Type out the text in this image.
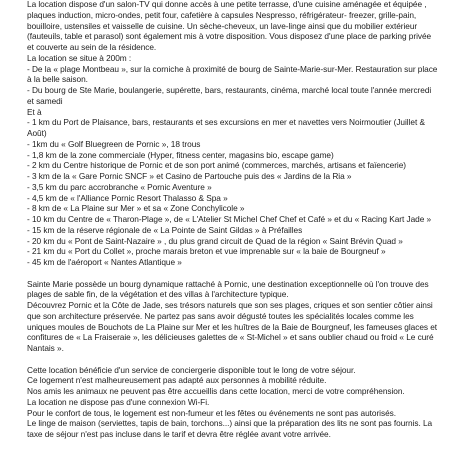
La location dispose d'un salon-TV qui donne accès à une petite terrasse, d'une cuisine aménagée et équipée ,
plaques induction, micro-ondes, petit four, cafetière à capsules Nespresso, réfrigérateur- freezer, grille-pain,
bouilloire, ustensiles et vaisselle de cuisine. Un sèche-cheveux, un lave-linge ainsi que du mobilier extérieur
(fauteuils, table et parasol) sont également mis à votre disposition. Vous disposez d'une place de parking privée
et couverte au sein de la résidence.
La location se situe à 200m :
- De la « plage Montbeau », sur la corniche à proximité de bourg de Sainte-Marie-sur-Mer. Restauration sur place
à la belle saison.
- Du bourg de Ste Marie, boulangerie, supérette, bars, restaurants, cinéma, marché local toute l'année mercredi
et samedi
Et à
- 1 km du Port de Plaisance, bars, restaurants et ses excursions en mer et navettes vers Noirmoutier (Juillet &
Août)
- 1km du « Golf Bluegreen de Pornic », 18 trous
- 1,8 km de la zone commerciale (Hyper, fitness center, magasins bio, escape game)
- 2 km du Centre historique de Pornic et de son port animé (commerces, marchés, artisans et faïencerie)
- 3 km de la « Gare Pornic SNCF » et Casino de Partouche puis des « Jardins de la Ria »
- 3,5 km du parc accrobranche « Pornic Aventure »
- 4,5 km de « l'Alliance Pornic Resort Thalasso & Spa »
- 8 km de « La Plaine sur Mer » et sa « Zone Conchylicole »
- 10 km du Centre de « Tharon-Plage », de « L'Atelier St Michel Chef Chef et Café » et du « Racing Kart Jade »
- 15 km de la réserve régionale de « La Pointe de Saint Gildas » à Préfailles
- 20 km du « Pont de Saint-Nazaire » , du plus grand circuit de Quad de la région « Saint Brévin Quad »
- 21 km du « Port du Collet », proche marais breton et vue imprenable sur « la baie de Bourgneuf »
- 45 km de l'aéroport « Nantes Atlantique »
Sainte Marie possède un bourg dynamique rattaché à Pornic, une destination exceptionnelle où l'on trouve des
plages de sable fin, de la végétation et des villas à l'architecture typique.
Découvrez Pornic et la Côte de Jade, ses trésors naturels que son ses plages, criques et son sentier côtier ainsi
que son architecture préservée. Ne partez pas sans avoir dégusté toutes les spécialités locales comme les
uniques moules de Bouchots de La Plaine sur Mer et les huîtres de la Baie de Bourgneuf, les fameuses glaces et
confitures de « La Fraiseraie », les délicieuses galettes de « St-Michel » et sans oublier chaud ou froid « Le curé
Nantais ».
Cette location bénéficie d'un service de conciergerie disponible tout le long de votre séjour.
Ce logement n'est malheureusement pas adapté aux personnes à mobilité réduite.
Nos amis les animaux ne peuvent pas être accueillis dans cette location, merci de votre compréhension.
La location ne dispose pas d'une connexion Wi-Fi.
Pour le confort de tous, le logement est non-fumeur et les fêtes ou événements ne sont pas autorisés.
Le linge de maison (serviettes, tapis de bain, torchons...) ainsi que la préparation des lits ne sont pas fournis. La
taxe de séjour n'est pas incluse dans le tarif et devra être réglée avant votre arrivée.
